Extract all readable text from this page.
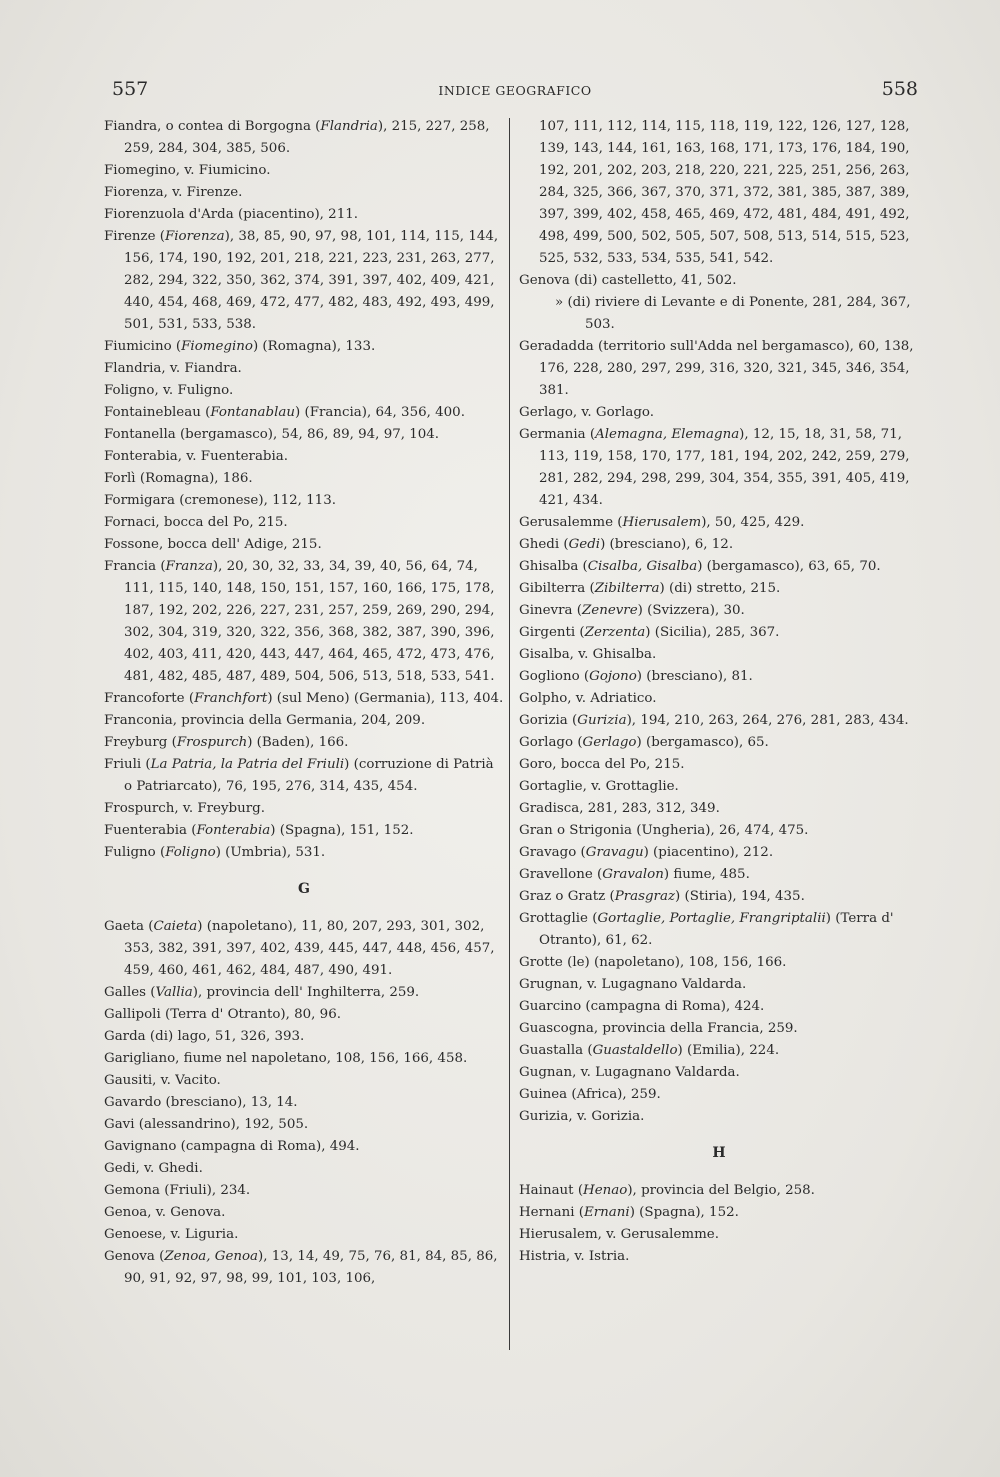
557	INDICE GEOGRAFICO	558

Fiandra, o contea di Borgogna (Flandria), 215, 227, 258, 259, 284, 304, 385, 506.

Fiomegino, v. Fiumicino.

Fiorenza, v. Firenze.

Fiorenzuola d'Arda (piacentino), 211.

Firenze (Fiorenza), 38, 85, 90, 97, 98, 101, 114, 115, 144, 156, 174, 190, 192, 201, 218, 221, 223, 231, 263, 277, 282, 294, 322, 350, 362, 374, 391, 397, 402, 409, 421, 440, 454, 468, 469, 472, 477, 482, 483, 492, 493, 499, 501, 531, 533, 538.

Fiumicino (Fiomegino) (Romagna), 133.

Flandria, v. Fiandra.

Foligno, v. Fuligno.

Fontainebleau (Fontanablau) (Francia), 64, 356, 400.

Fontanella (bergamasco), 54, 86, 89, 94, 97, 104.

Fonterabia, v. Fuenterabia.

Forlì (Romagna), 186.

Formigara (cremonese), 112, 113.

Fornaci, bocca del Po, 215.

Fossone, bocca dell' Adige, 215.

Francia (Franza), 20, 30, 32, 33, 34, 39, 40, 56, 64, 74, 111, 115, 140, 148, 150, 151, 157, 160, 166, 175, 178, 187, 192, 202, 226, 227, 231, 257, 259, 269, 290, 294, 302, 304, 319, 320, 322, 356, 368, 382, 387, 390, 396, 402, 403, 411, 420, 443, 447, 464, 465, 472, 473, 476, 481, 482, 485, 487, 489, 504, 506, 513, 518, 533, 541.

Francoforte (Franchfort) (sul Meno) (Germania), 113, 404.

Franconia, provincia della Germania, 204, 209.

Freyburg (Frospurch) (Baden), 166.

Friuli (La Patria, la Patria del Friuli) (corruzione di Patrià o Patriarcato), 76, 195, 276, 314, 435, 454.

Frospurch, v. Freyburg.

Fuenterabia (Fonterabia) (Spagna), 151, 152.

Fuligno (Foligno) (Umbria), 531.

G

Gaeta (Caieta) (napoletano), 11, 80, 207, 293, 301, 302, 353, 382, 391, 397, 402, 439, 445, 447, 448, 456, 457, 459, 460, 461, 462, 484, 487, 490, 491.

Galles (Vallia), provincia dell' Inghilterra, 259.

Gallipoli (Terra d' Otranto), 80, 96.

Garda (di) lago, 51, 326, 393.

Garigliano, fiume nel napoletano, 108, 156, 166, 458.

Gausiti, v. Vacito.

Gavardo (bresciano), 13, 14.

Gavi (alessandrino), 192, 505.

Gavignano (campagna di Roma), 494.

Gedi, v. Ghedi.

Gemona (Friuli), 234.

Genoa, v. Genova.

Genoese, v. Liguria.

Genova (Zenoa, Genoa), 13, 14, 49, 75, 76, 81, 84, 85, 86, 90, 91, 92, 97, 98, 99, 101, 103, 106,

107, 111, 112, 114, 115, 118, 119, 122, 126, 127, 128, 139, 143, 144, 161, 163, 168, 171, 173, 176, 184, 190, 192, 201, 202, 203, 218, 220, 221, 225, 251, 256, 263, 284, 325, 366, 367, 370, 371, 372, 381, 385, 387, 389, 397, 399, 402, 458, 465, 469, 472, 481, 484, 491, 492, 498, 499, 500, 502, 505, 507, 508, 513, 514, 515, 523, 525, 532, 533, 534, 535, 541, 542.

Genova (di) castelletto, 41, 502.

» (di) riviere di Levante e di Ponente, 281, 284, 367, 503.

Geradadda (territorio sull'Adda nel bergamasco), 60, 138, 176, 228, 280, 297, 299, 316, 320, 321, 345, 346, 354, 381.

Gerlago, v. Gorlago.

Germania (Alemagna, Elemagna), 12, 15, 18, 31, 58, 71, 113, 119, 158, 170, 177, 181, 194, 202, 242, 259, 279, 281, 282, 294, 298, 299, 304, 354, 355, 391, 405, 419, 421, 434.

Gerusalemme (Hierusalem), 50, 425, 429.

Ghedi (Gedi) (bresciano), 6, 12.

Ghisalba (Cisalba, Gisalba) (bergamasco), 63, 65, 70.

Gibilterra (Zibilterra) (di) stretto, 215.

Ginevra (Zenevre) (Svizzera), 30.

Girgenti (Zerzenta) (Sicilia), 285, 367.

Gisalba, v. Ghisalba.

Gogliono (Gojono) (bresciano), 81.

Golpho, v. Adriatico.

Gorizia (Gurizia), 194, 210, 263, 264, 276, 281, 283, 434.

Gorlago (Gerlago) (bergamasco), 65.

Goro, bocca del Po, 215.

Gortaglie, v. Grottaglie.

Gradisca, 281, 283, 312, 349.

Gran o Strigonia (Ungheria), 26, 474, 475.

Gravago (Gravagu) (piacentino), 212.

Gravellone (Gravalon) fiume, 485.

Graz o Gratz (Prasgraz) (Stiria), 194, 435.

Grottaglie (Gortaglie, Portaglie, Frangriptalii) (Terra d' Otranto), 61, 62.

Grotte (le) (napoletano), 108, 156, 166.

Grugnan, v. Lugagnano Valdarda.

Guarcino (campagna di Roma), 424.

Guascogna, provincia della Francia, 259.

Guastalla (Guastaldello) (Emilia), 224.

Gugnan, v. Lugagnano Valdarda.

Guinea (Africa), 259.

Gurizia, v. Gorizia.

H

Hainaut (Henao), provincia del Belgio, 258.

Hernani (Ernani) (Spagna), 152.

Hierusalem, v. Gerusalemme.

Histria, v. Istria.
